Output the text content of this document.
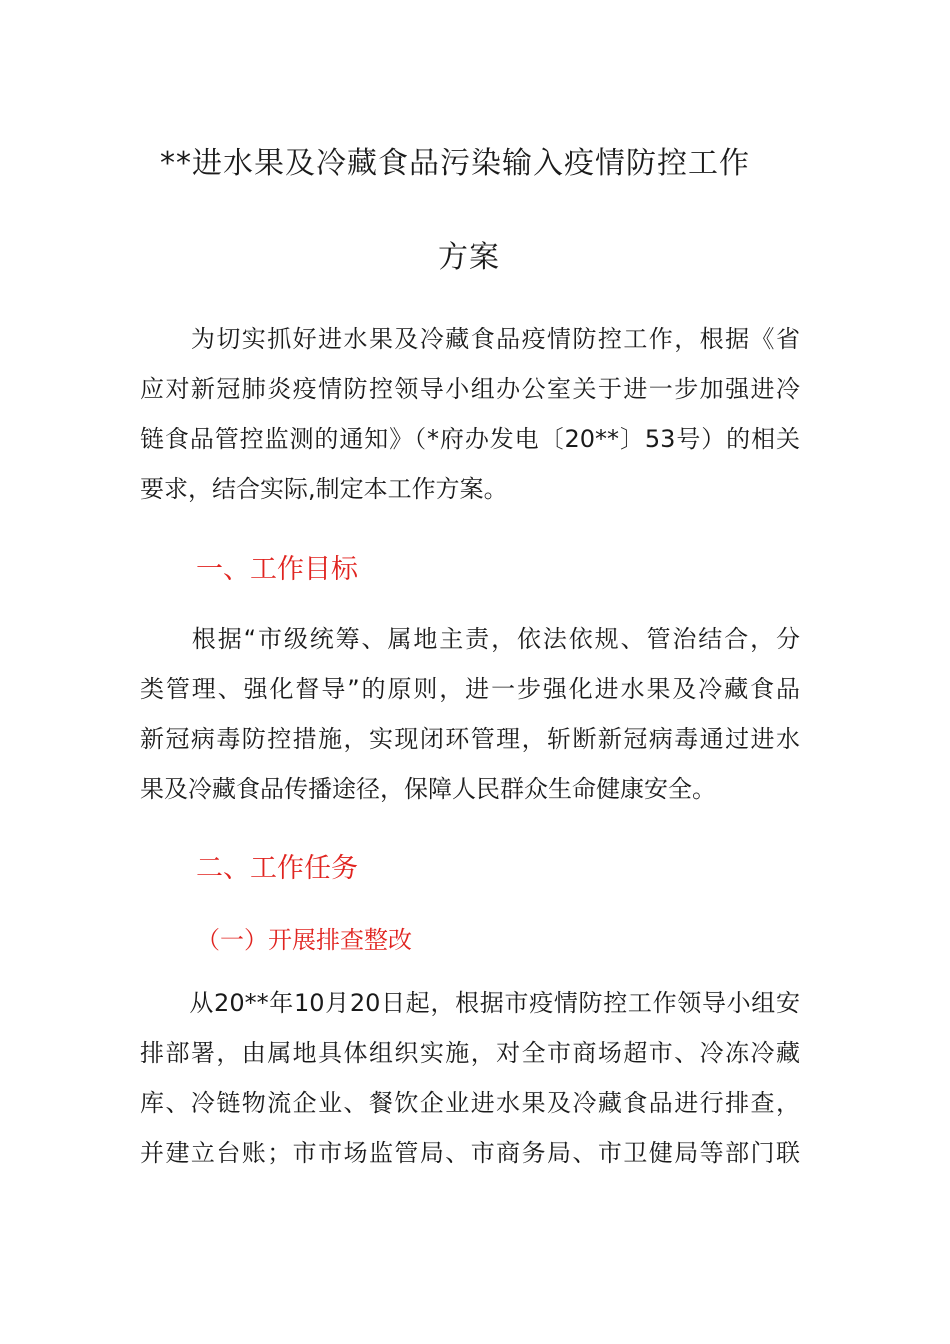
**进水果及冷藏食品污染输入疫情防控工作
方案
　　为切实抓好进水果及冷藏食品疫情防控工作，根据《省
应对新冠肺炎疫情防控领导小组办公室关于进一步加强进冷
链食品管控监测的通知》（*府办发电〔20**〕53号）的相关
要求，结合实际,制定本工作方案。
一、工作目标
　　根据“市级统筹、属地主责，依法依规、管治结合，分
类管理、强化督导”的原则，进一步强化进水果及冷藏食品
新冠病毒防控措施，实现闭环管理，斩断新冠病毒通过进水
果及冷藏食品传播途径，保障人民群众生命健康安全。
二、工作任务
（一）开展排查整改
　　从20**年10月20日起，根据市疫情防控工作领导小组安
排部署，由属地具体组织实施，对全市商场超市、冷冻冷藏
库、冷链物流企业、餐饮企业进水果及冷藏食品进行排查，
并建立台账；市市场监管局、市商务局、市卫健局等部门联
